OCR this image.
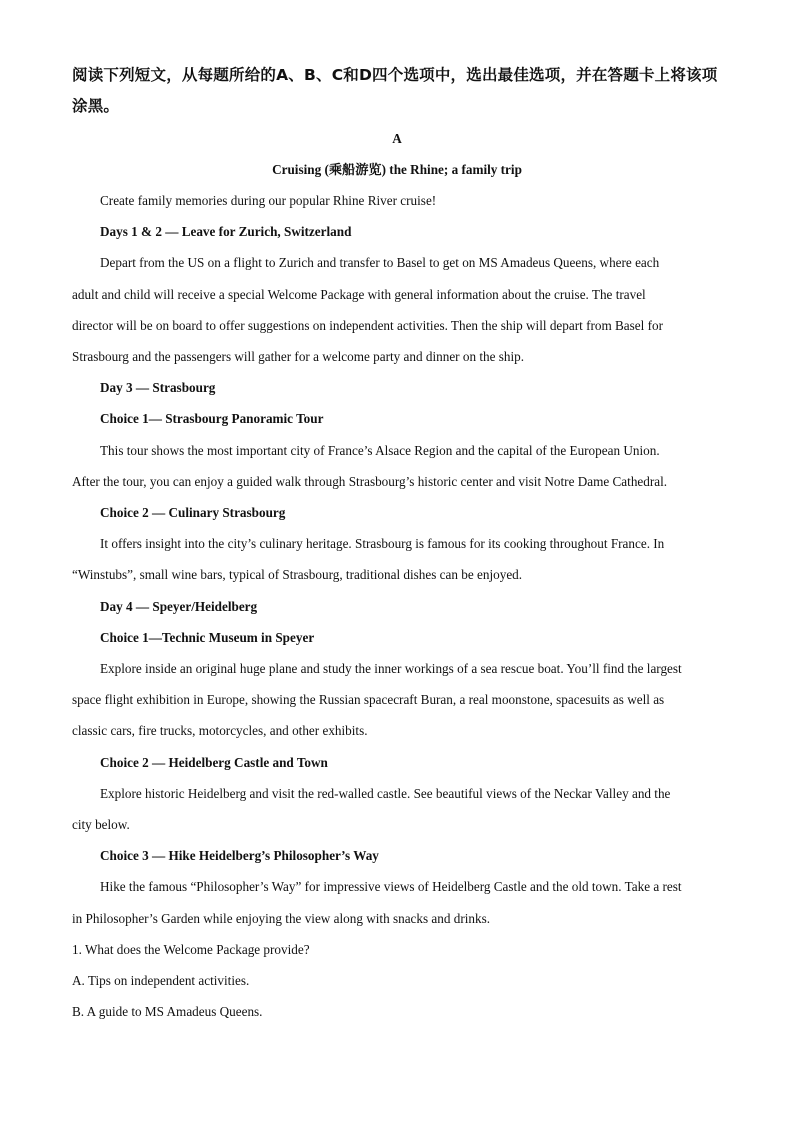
阅读下列短文，从每题所给的A、B、C和D四个选项中，选出最佳选项，并在答题卡上将该项涂黑。
A
Cruising (乘船游览) the Rhine; a family trip
Create family memories during our popular Rhine River cruise!
Days 1 & 2 — Leave for Zurich, Switzerland
Depart from the US on a flight to Zurich and transfer to Basel to get on MS Amadeus Queens, where each
adult and child will receive a special Welcome Package with general information about the cruise. The travel
director will be on board to offer suggestions on independent activities. Then the ship will depart from Basel for
Strasbourg and the passengers will gather for a welcome party and dinner on the ship.
Day 3 — Strasbourg
Choice 1— Strasbourg Panoramic Tour
This tour shows the most important city of France’s Alsace Region and the capital of the European Union.
After the tour, you can enjoy a guided walk through Strasbourg’s historic center and visit Notre Dame Cathedral.
Choice 2 — Culinary Strasbourg
It offers insight into the city’s culinary heritage. Strasbourg is famous for its cooking throughout France. In
“Winstubs”, small wine bars, typical of Strasbourg, traditional dishes can be enjoyed.
Day 4 — Speyer/Heidelberg
Choice 1—Technic Museum in Speyer
Explore inside an original huge plane and study the inner workings of a sea rescue boat. You’ll find the largest
space flight exhibition in Europe, showing the Russian spacecraft Buran, a real moonstone, spacesuits as well as
classic cars, fire trucks, motorcycles, and other exhibits.
Choice 2 — Heidelberg Castle and Town
Explore historic Heidelberg and visit the red-walled castle. See beautiful views of the Neckar Valley and the
city below.
Choice 3 — Hike Heidelberg’s Philosopher’s Way
Hike the famous “Philosopher’s Way” for impressive views of Heidelberg Castle and the old town. Take a rest
in Philosopher’s Garden while enjoying the view along with snacks and drinks.
1. What does the Welcome Package provide?
A. Tips on independent activities.
B. A guide to MS Amadeus Queens.
